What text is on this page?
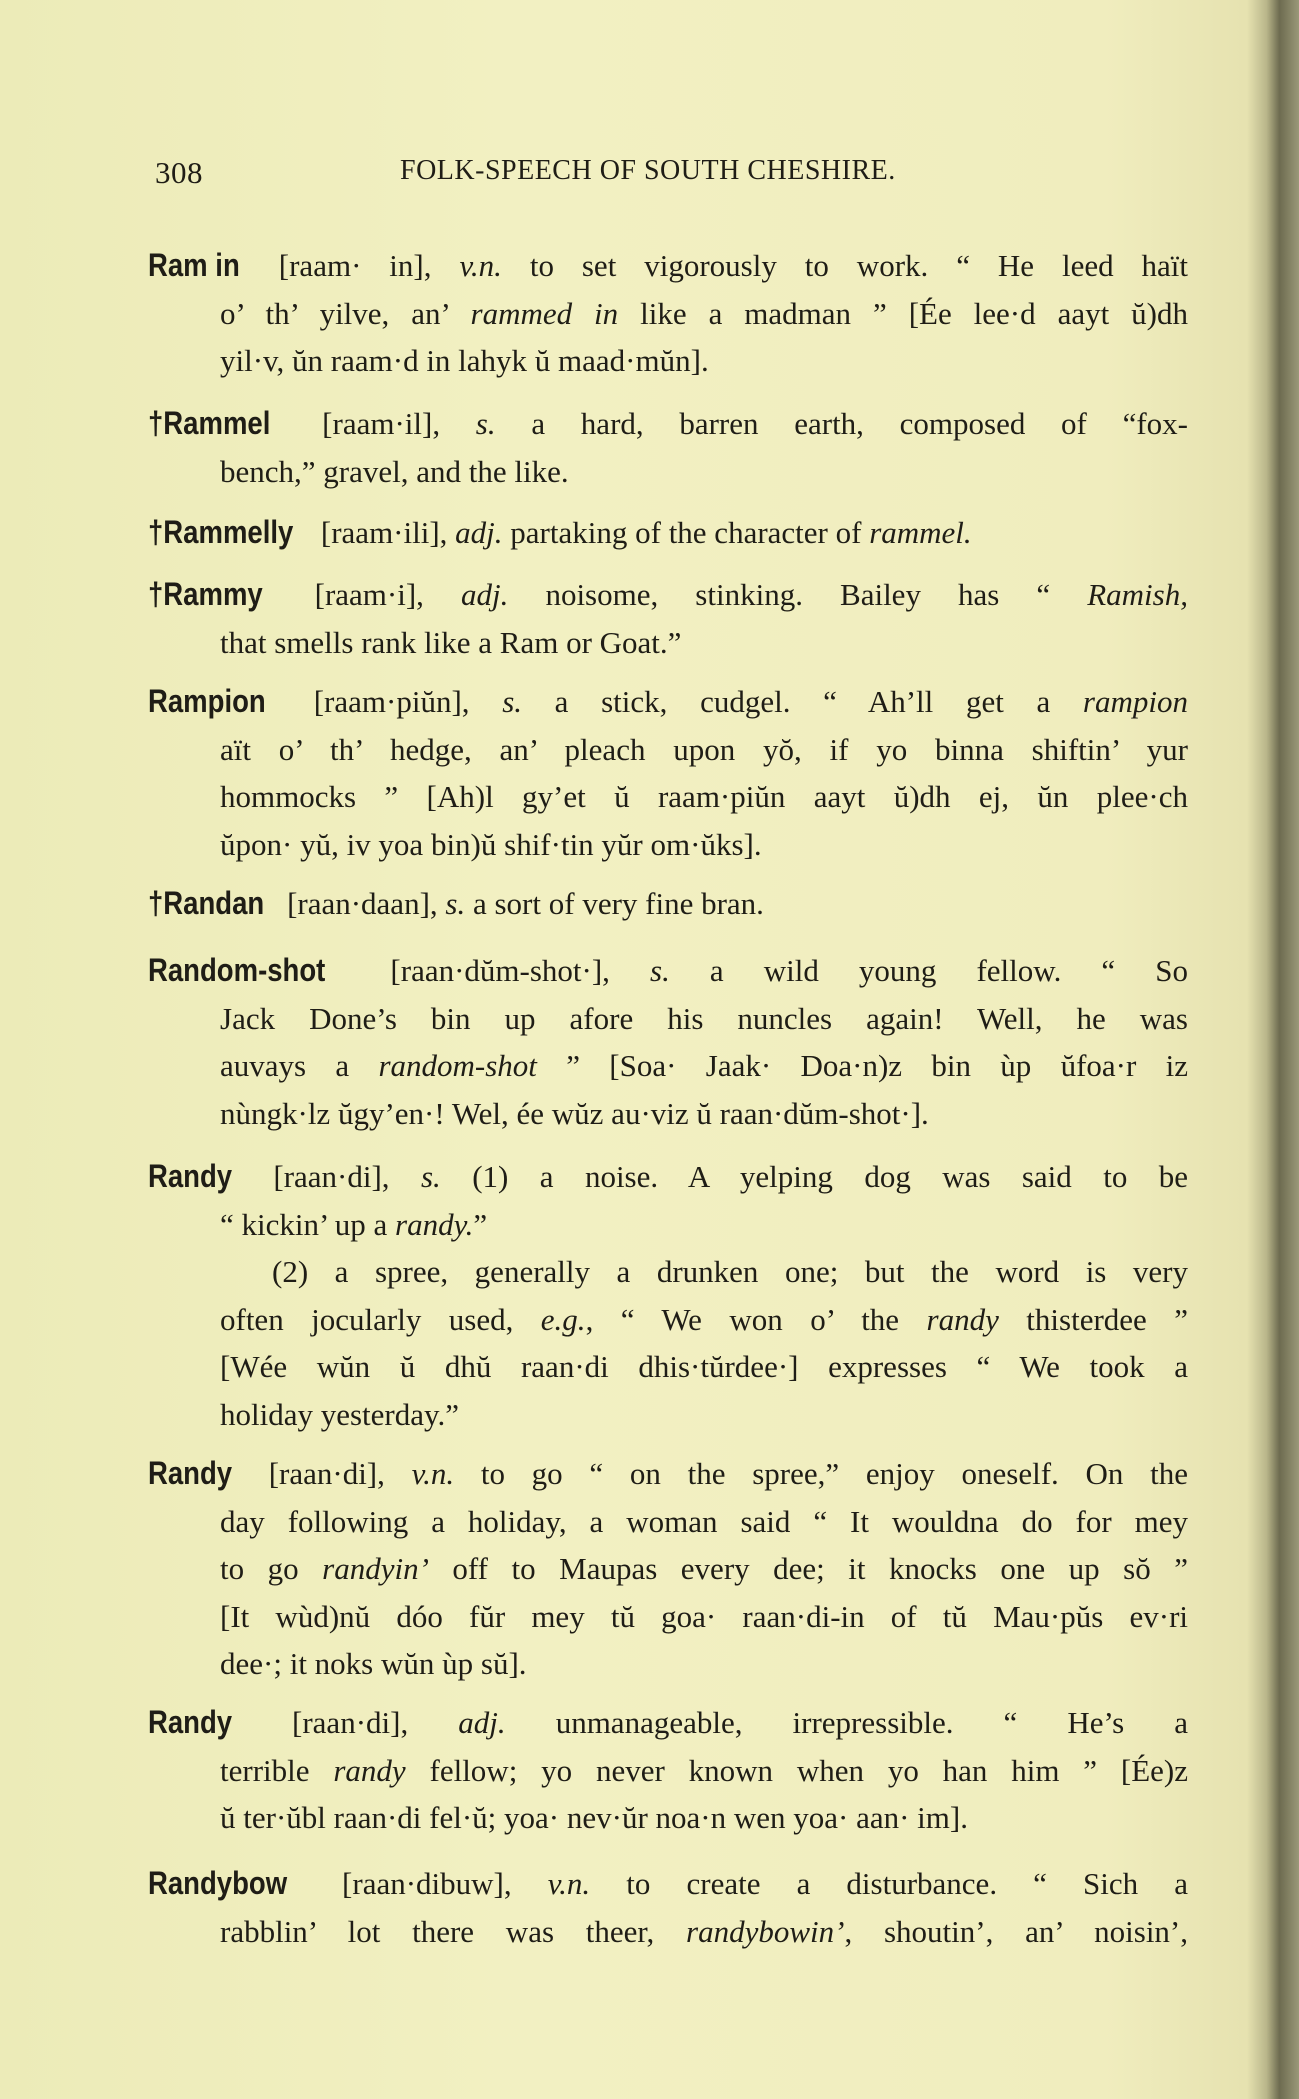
308	FOLK-SPEECH OF SOUTH CHESHIRE.
Ram in [raam· in], v.n. to set vigorously to work. “ He leed haït
o’ th’ yilve, an’ rammed in like a madman ” [Ée lee·d aayt ŭ)dh
yil·v, ŭn raam·d in lahyk ŭ maad·mŭn].
†Rammel [raam·il], s. a hard, barren earth, composed of “fox-
bench,” gravel, and the like.
†Rammelly [raam·ili], adj. partaking of the character of rammel.
†Rammy [raam·i], adj. noisome, stinking. Bailey has “ Ramish,
that smells rank like a Ram or Goat.”
Rampion [raam·piŭn], s. a stick, cudgel. “ Ah’ll get a rampion
aït o’ th’ hedge, an’ pleach upon yŏ, if yo binna shiftin’ yur
hommocks ” [Ah)l gy’et ŭ raam·piŭn aayt ŭ)dh ej, ŭn plee·ch
ŭpon· yŭ, iv yoa bin)ŭ shif·tin yŭr om·ŭks].
†Randan [raan·daan], s. a sort of very fine bran.
Random-shot [raan·dŭm-shot·], s. a wild young fellow. “ So
Jack Done’s bin up afore his nuncles again! Well, he was
auvays a random-shot ” [Soa· Jaak· Doa·n)z bin ùp ŭfoa·r iz
nùngk·lz ŭgy’en·! Wel, ée wŭz au·viz ŭ raan·dŭm-shot·].
Randy [raan·di], s. (1) a noise. A yelping dog was said to be
“ kickin’ up a randy.”
(2) a spree, generally a drunken one; but the word is very
often jocularly used, e.g., “ We won o’ the randy thisterdee ”
[Wée wŭn ŭ dhŭ raan·di dhis·tŭrdee·] expresses “ We took a
holiday yesterday.”
Randy [raan·di], v.n. to go “ on the spree,” enjoy oneself. On the
day following a holiday, a woman said “ It wouldna do for mey
to go randyin’ off to Maupas every dee; it knocks one up sŏ ”
[It wùd)nŭ dóo fŭr mey tŭ goa· raan·di-in of tŭ Mau·pŭs ev·ri
dee·; it noks wŭn ùp sŭ].
Randy [raan·di], adj. unmanageable, irrepressible. “ He’s a
terrible randy fellow; yo never known when yo han him ” [Ée)z
ŭ ter·ŭbl raan·di fel·ŭ; yoa· nev·ŭr noa·n wen yoa· aan· im].
Randybow [raan·dibuw], v.n. to create a disturbance. “ Sich a
rabblin’ lot there was theer, randybowin’, shoutin’, an’ noisin’,
